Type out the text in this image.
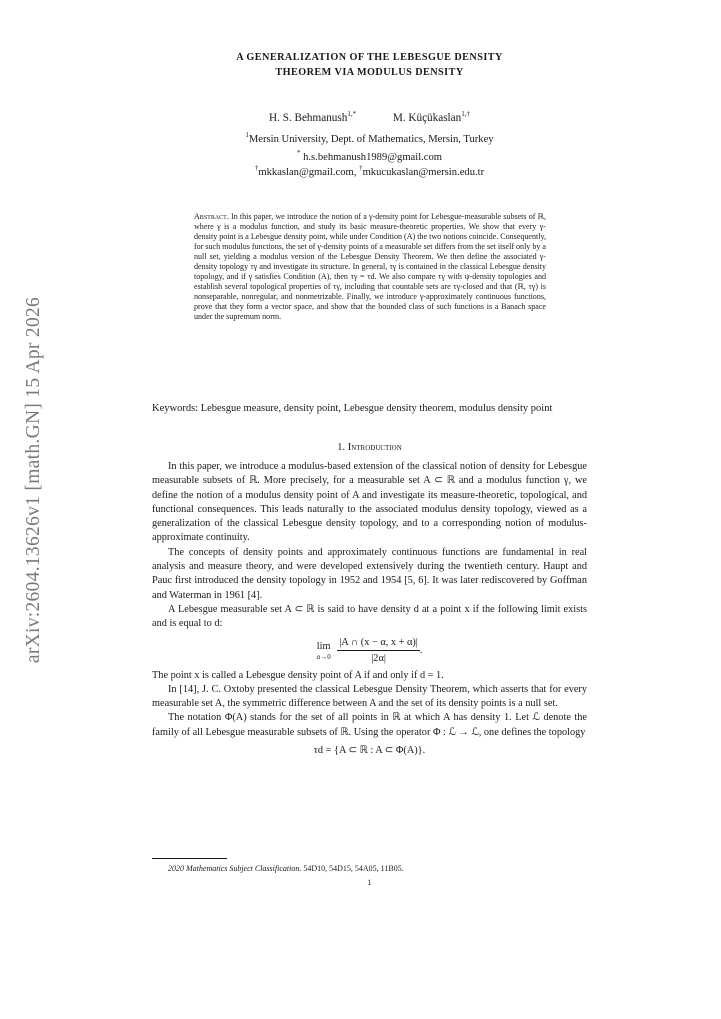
arXiv:2604.13626v1 [math.GN] 15 Apr 2026
A GENERALIZATION OF THE LEBESGUE DENSITY
THEOREM VIA MODULUS DENSITY
H. S. Behmanush$^{1,*}$	M. Küçükaslan$^{1,\dagger}$
$^1$Mersin University, Dept. of Mathematics, Mersin, Turkey
* h.s.behmanush1989@gmail.com
†mkkaslan@gmail.com, †mkucukaslan@mersin.edu.tr
Abstract. In this paper, we introduce the notion of a γ-density point for Lebesgue-measurable subsets of ℝ, where γ is a modulus function, and study its basic measure-theoretic properties. We show that every γ-density point is a Lebesgue density point, while under Condition (A) the two notions coincide. Consequently, for such modulus functions, the set of γ-density points of a measurable set differs from the set itself only by a null set, yielding a modulus version of the Lebesgue Density Theorem. We then define the associated γ-density topology τγ and investigate its structure. In general, τγ is contained in the classical Lebesgue density topology, and if γ satisfies Condition (A), then τγ = τd. We also compare τγ with ψ-density topologies and establish several topological properties of τγ, including that countable sets are τγ-closed and that (ℝ, τγ) is nonseparable, nonregular, and nonmetrizable. Finally, we introduce γ-approximately continuous functions, prove that they form a vector space, and show that the bounded class of such functions is a Banach space under the supremum norm.
Keywords: Lebesgue measure, density point, Lebesgue density theorem, modulus density point
1. Introduction

In this paper, we introduce a modulus-based extension of the classical notion of density for Lebesgue measurable subsets of ℝ. More precisely, for a measurable set A ⊂ ℝ and a modulus function γ, we define the notion of a modulus density point of A and investigate its measure-theoretic, topological, and functional consequences. This leads naturally to the associated modulus density topology, viewed as a generalization of the classical Lebesgue density topology, and to a corresponding notion of modulus-approximate continuity.

The concepts of density points and approximately continuous functions are fundamental in real analysis and measure theory, and were developed extensively during the twentieth century. Haupt and Pauc first introduced the density topology in 1952 and 1954 [5, 6]. It was later rediscovered by Goffman and Waterman in 1961 [4].

A Lebesgue measurable set A ⊂ ℝ is said to have density d at a point x if the following limit exists and is equal to d:

lim
α→0
$\frac{|A \cap (x - \alpha, x + \alpha)|}{|2\alpha|}$ .

The point x is called a Lebesgue density point of A if and only if d = 1.

In [14], J. C. Oxtoby presented the classical Lebesgue Density Theorem, which asserts that for every measurable set A, the symmetric difference between A and the set of its density points is a null set.

The notation Φ(A) stands for the set of all points in ℝ at which A has density 1. Let ℒ denote the family of all Lebesgue measurable subsets of ℝ. Using the operator Φ : ℒ → ℒ, one defines the topology

τd = {A ⊂ ℝ : A ⊂ Φ(A)}.
2020 Mathematics Subject Classification. 54D10, 54D15, 54A05, 11B05.
1
